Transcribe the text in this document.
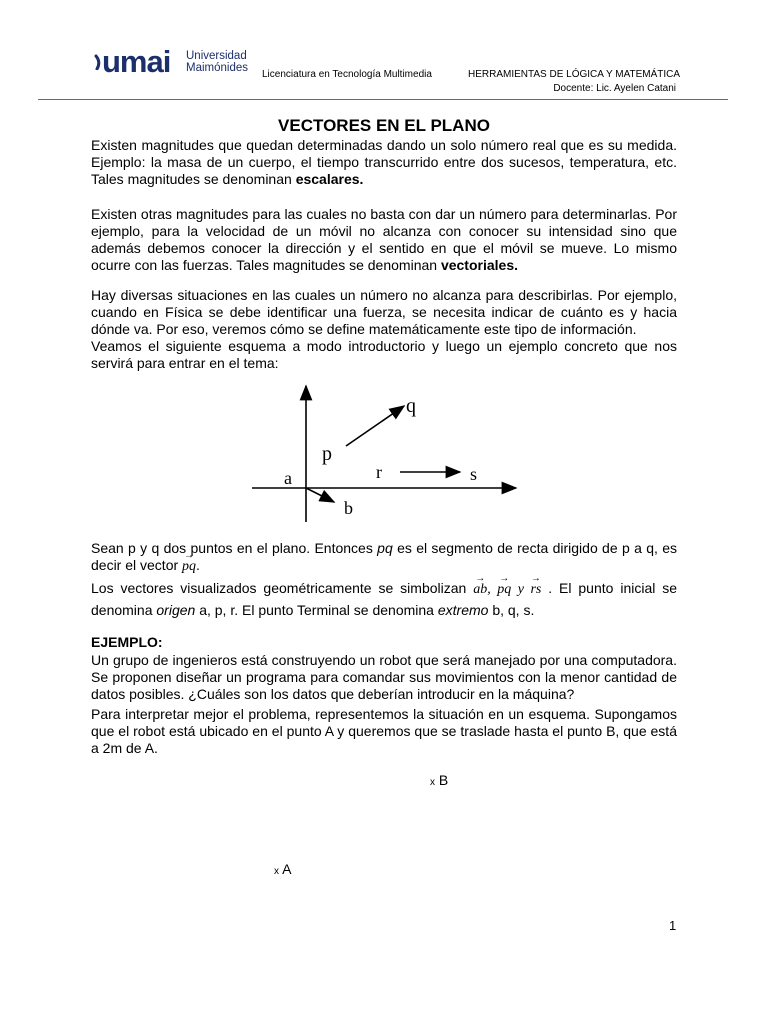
umai Universidad
Maimónides
Licenciatura en Tecnología Multimedia	HERRAMIENTAS DE LÓGICA Y MATEMÁTICA
Docente: Lic. Ayelen Catani
VECTORES EN EL PLANO

Existen magnitudes que quedan determinadas dando un solo número real que es su medida. Ejemplo: la masa de un cuerpo, el tiempo transcurrido entre dos sucesos, temperatura, etc. Tales magnitudes se denominan escalares.

Existen otras magnitudes para las cuales no basta con dar un número para determinarlas. Por ejemplo, para la velocidad de un móvil no alcanza con conocer su intensidad sino que además debemos conocer la dirección y el sentido en que el móvil se mueve. Lo mismo ocurre con las fuerzas. Tales magnitudes se denominan vectoriales.

Hay diversas situaciones en las cuales un número no alcanza para describirlas. Por ejemplo, cuando en Física se debe identificar una fuerza, se necesita indicar de cuánto es y hacia dónde va. Por eso, veremos cómo se define matemáticamente este tipo de información.

Veamos el siguiente esquema a modo introductorio y luego un ejemplo concreto que nos servirá para entrar en el tema:

q
p
a	r	s
b

Sean p y q dos puntos en el plano. Entonces pq es el segmento de recta dirigido de p a q, es decir el vector pq →.

Los vectores visualizados geométricamente se simbolizan ab →, pq → y rs → . El punto inicial se denomina origen a, p, r. El punto Terminal se denomina extremo b, q, s.

EJEMPLO:

Un grupo de ingenieros está construyendo un robot que será manejado por una computadora. Se proponen diseñar un programa para comandar sus movimientos con la menor cantidad de datos posibles. ¿Cuáles son los datos que deberían introducir en la máquina?

Para interpretar mejor el problema, representemos la situación en un esquema. Supongamos que el robot está ubicado en el punto A y queremos que se traslade hasta el punto B, que está a 2m de A.

x B
x A
1
